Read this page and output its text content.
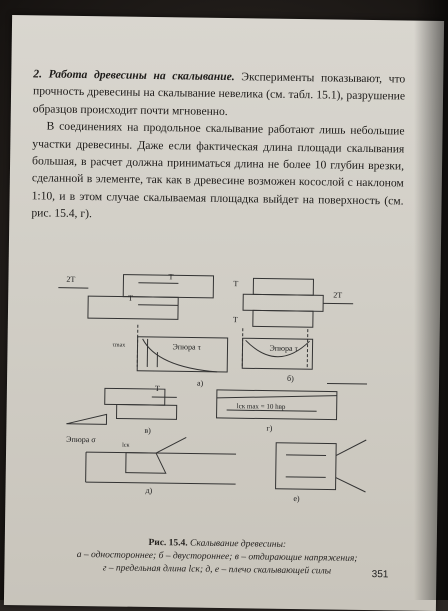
2. Работа древесины на скалывание. Эксперименты показывают, что прочность древесины на скалывание невелика (см. табл. 15.1), разрушение образцов происходит почти мгновенно.

В соединениях на продольное скалывание работают лишь небольшие участки древесины. Даже если фактическая длина площади скалывания большая, в расчет должна приниматься длина не более 10 глубин врезки, сделанной в элементе, так как в древесине возможен косослой с наклоном 1:10, и в этом случае скалываемая площадка выйдет на поверхность (см. рис. 15.4, г).

2T	T
T
Эпюра τ
а)
τmax
2T
T
T
Эпюра τ
б)
T
в)
Эпюра σ
lск max = 10 hвр
г)
lск
д)
е)
Рис. 15.4. Скалывание древесины:
а – одностороннее; б – двустороннее; в – отдирающие напряжения;
г – предельная длина lск; д, е – плечо скалывающей силы	351
